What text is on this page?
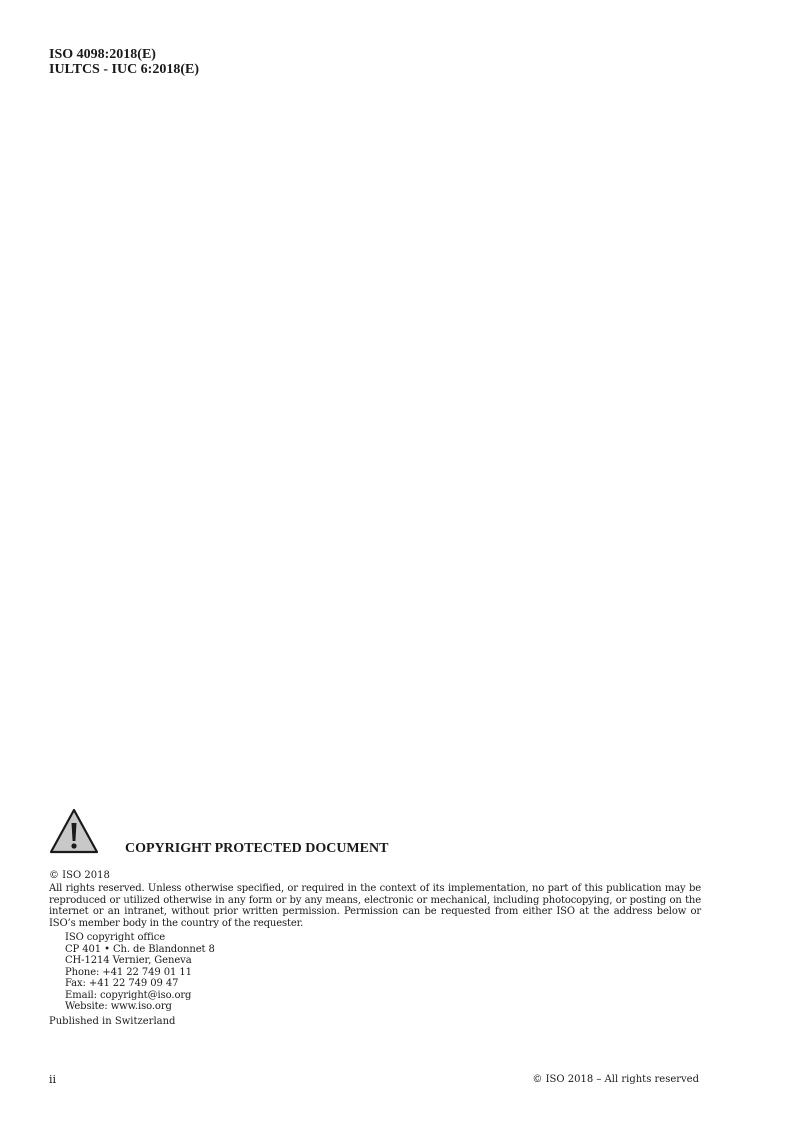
ISO 4098:2018(E)
IULTCS - IUC 6:2018(E)
COPYRIGHT PROTECTED DOCUMENT
© ISO 2018
All rights reserved. Unless otherwise specified, or required in the context of its implementation, no part of this publication may be reproduced or utilized otherwise in any form or by any means, electronic or mechanical, including photocopying, or posting on the internet or an intranet, without prior written permission. Permission can be requested from either ISO at the address below or ISO’s member body in the country of the requester.
ISO copyright office
CP 401 • Ch. de Blandonnet 8
CH-1214 Vernier, Geneva
Phone: +41 22 749 01 11
Fax: +41 22 749 09 47
Email: copyright@iso.org
Website: www.iso.org
Published in Switzerland
ii	© ISO 2018 – All rights reserved
